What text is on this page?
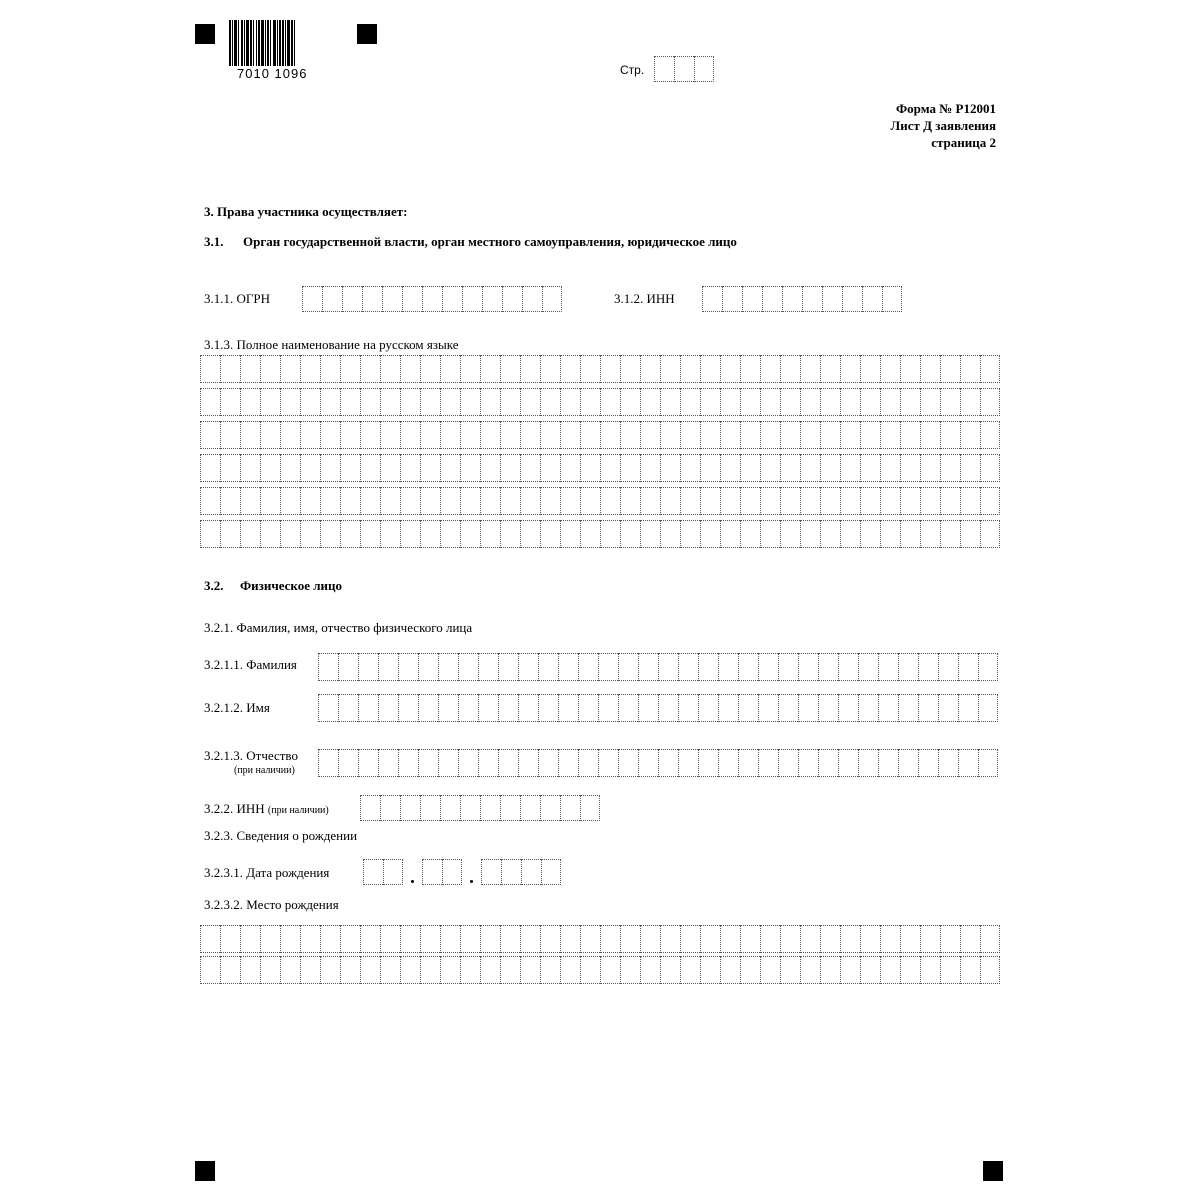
7010 1096	Стр.
Форма № Р12001
Лист Д заявления
страница 2
3. Права участника осуществляет:
3.1. Орган государственной власти, орган местного самоуправления, юридическое лицо
3.1.1. ОГРН	3.1.2. ИНН
3.1.3. Полное наименование на русском языке
3.2. Физическое лицо
3.2.1. Фамилия, имя, отчество физического лица
3.2.1.1. Фамилия
3.2.1.2. Имя
3.2.1.3. Отчество
(при наличии)
3.2.2. ИНН (при наличии)
3.2.3. Сведения о рождении
3.2.3.1. Дата рождения
3.2.3.2. Место рождения
